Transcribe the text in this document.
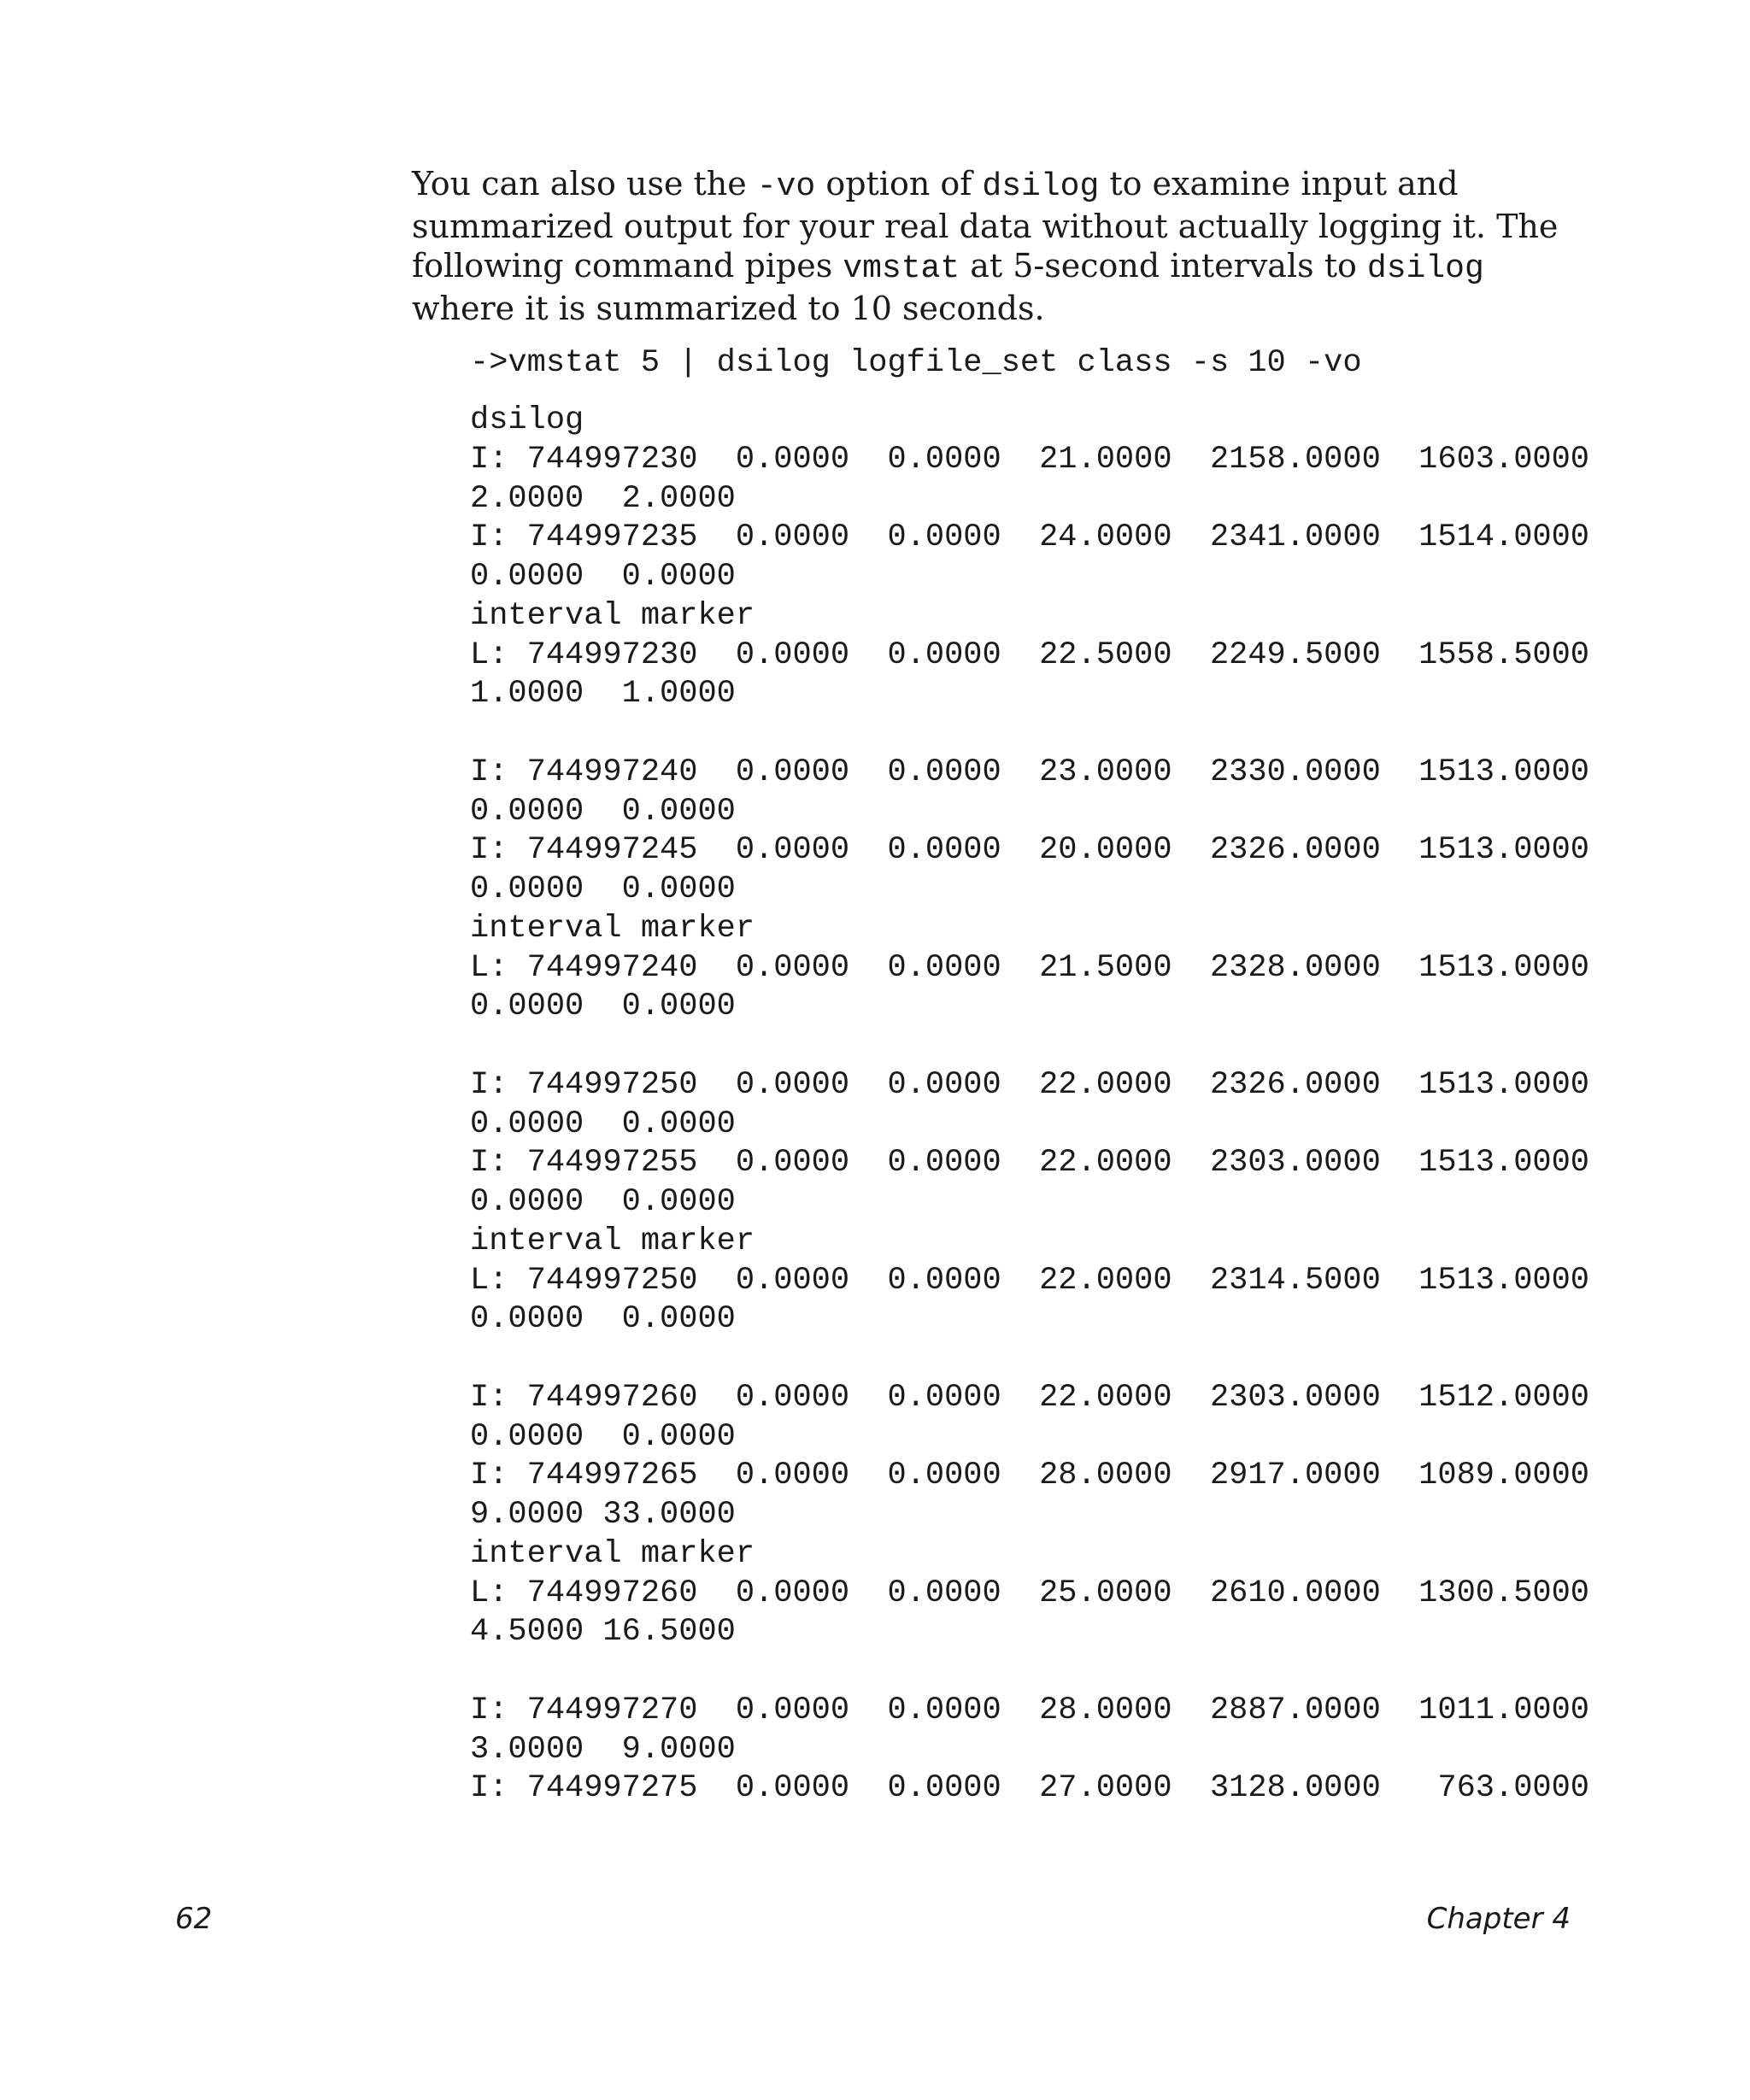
You can also use the -vo option of dsilog to examine input and summarized output for your real data without actually logging it. The following command pipes vmstat at 5-second intervals to dsilog where it is summarized to 10 seconds.

->vmstat 5 | dsilog logfile_set class -s 10 -vo
dsilog
I: 744997230  0.0000  0.0000  21.0000  2158.0000  1603.0000
2.0000  2.0000
I: 744997235  0.0000  0.0000  24.0000  2341.0000  1514.0000
0.0000  0.0000
interval marker
L: 744997230  0.0000  0.0000  22.5000  2249.5000  1558.5000
1.0000  1.0000
I: 744997240  0.0000  0.0000  23.0000  2330.0000  1513.0000
0.0000  0.0000
I: 744997245  0.0000  0.0000  20.0000  2326.0000  1513.0000
0.0000  0.0000
interval marker
L: 744997240  0.0000  0.0000  21.5000  2328.0000  1513.0000
0.0000  0.0000
I: 744997250  0.0000  0.0000  22.0000  2326.0000  1513.0000
0.0000  0.0000
I: 744997255  0.0000  0.0000  22.0000  2303.0000  1513.0000
0.0000  0.0000
interval marker
L: 744997250  0.0000  0.0000  22.0000  2314.5000  1513.0000
0.0000  0.0000
I: 744997260  0.0000  0.0000  22.0000  2303.0000  1512.0000
0.0000  0.0000
I: 744997265  0.0000  0.0000  28.0000  2917.0000  1089.0000
9.0000 33.0000
interval marker
L: 744997260  0.0000  0.0000  25.0000  2610.0000  1300.5000
4.5000 16.5000
I: 744997270  0.0000  0.0000  28.0000  2887.0000  1011.0000
3.0000  9.0000
I: 744997275  0.0000  0.0000  27.0000  3128.0000   763.0000
62	Chapter 4
